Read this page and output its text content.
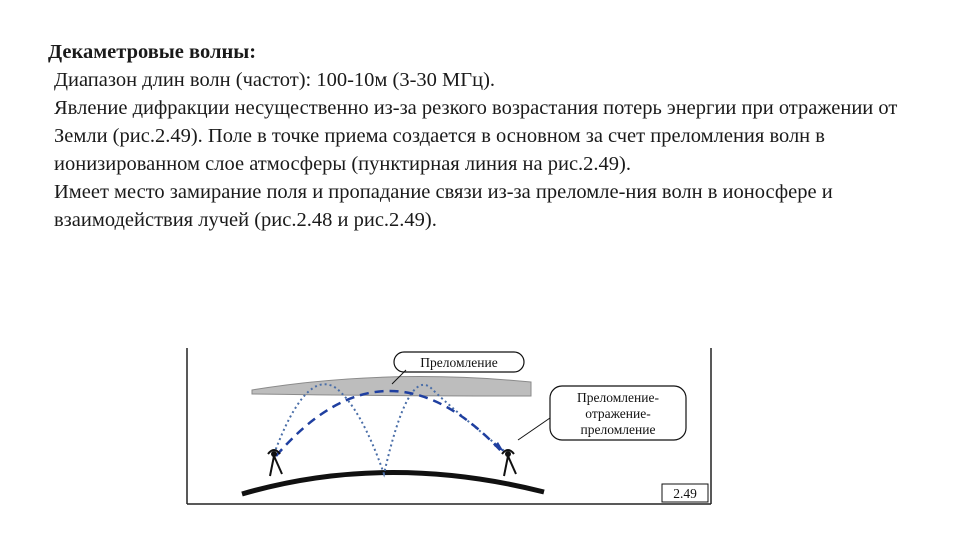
Декаметровые волны:

Диапазон длин волн (частот): 100-10м (3-30 МГц).

Явление дифракции несущественно из-за резкого возрастания потерь энергии при отражении от Земли (рис.2.49). Поле в точке приема создается в основном за счет преломления волн в ионизированном слое атмосферы (пунктирная линия на рис.2.49).

Имеет место замирание поля и пропадание связи из-за преломле-ния волн в ионосфере и взаимодействия лучей (рис.2.48 и рис.2.49).

Преломление
Преломление-
отражение-
преломление
2.49
